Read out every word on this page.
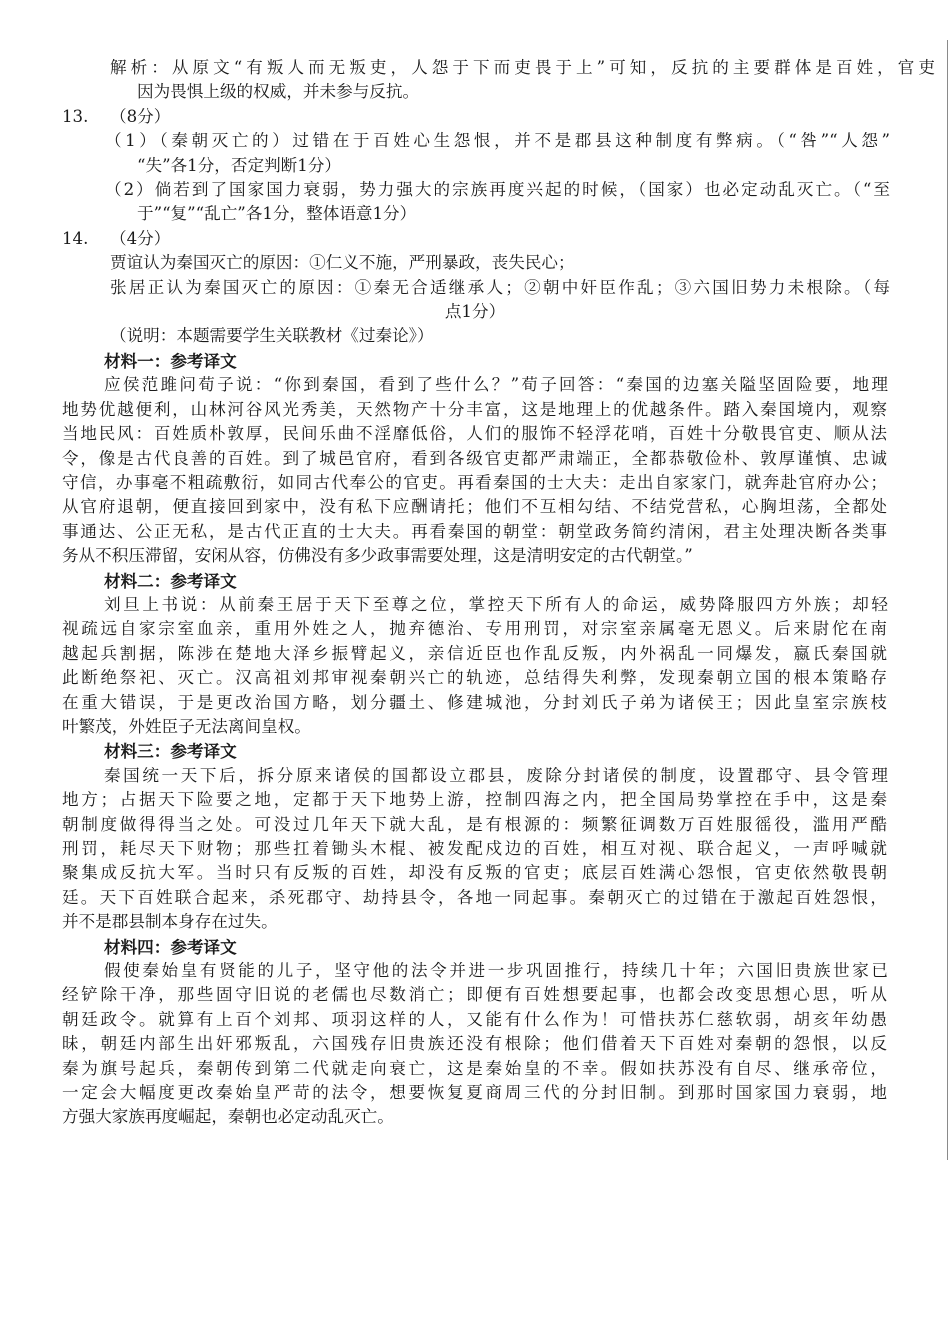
解析：从原文“有叛人而无叛吏，人怨于下而吏畏于上”可知，反抗的主要群体是百姓，官吏
因为畏惧上级的权威，并未参与反抗。
13. （8分）
（1）（秦朝灭亡的）过错在于百姓心生怨恨，并不是郡县这种制度有弊病。（“咎”“人怨”
“失”各1分，否定判断1分）
（2）倘若到了国家国力衰弱，势力强大的宗族再度兴起的时候，（国家）也必定动乱灭亡。（“至
于”“复”“乱亡”各1分，整体语意1分）
14. （4分）
贾谊认为秦国灭亡的原因：①仁义不施，严刑暴政，丧失民心；
张居正认为秦国灭亡的原因：①秦无合适继承人；②朝中奸臣作乱；③六国旧势力未根除。（每
点1分）
（说明：本题需要学生关联教材《过秦论》）
材料一：参考译文
应侯范雎问荀子说：“你到秦国，看到了些什么？”荀子回答：“秦国的边塞关隘坚固险要，地理
地势优越便利，山林河谷风光秀美，天然物产十分丰富，这是地理上的优越条件。踏入秦国境内，观察
当地民风：百姓质朴敦厚，民间乐曲不淫靡低俗，人们的服饰不轻浮花哨，百姓十分敬畏官吏、顺从法
令，像是古代良善的百姓。到了城邑官府，看到各级官吏都严肃端正，全都恭敬俭朴、敦厚谨慎、忠诚
守信，办事毫不粗疏敷衍，如同古代奉公的官吏。再看秦国的士大夫：走出自家家门，就奔赴官府办公；
从官府退朝，便直接回到家中，没有私下应酬请托；他们不互相勾结、不结党营私，心胸坦荡，全都处
事通达、公正无私，是古代正直的士大夫。再看秦国的朝堂：朝堂政务简约清闲，君主处理决断各类事
务从不积压滞留，安闲从容，仿佛没有多少政事需要处理，这是清明安定的古代朝堂。”
材料二：参考译文
刘旦上书说：从前秦王居于天下至尊之位，掌控天下所有人的命运，威势降服四方外族；却轻
视疏远自家宗室血亲，重用外姓之人，抛弃德治、专用刑罚，对宗室亲属毫无恩义。后来尉佗在南
越起兵割据，陈涉在楚地大泽乡振臂起义，亲信近臣也作乱反叛，内外祸乱一同爆发，嬴氏秦国就
此断绝祭祀、灭亡。汉高祖刘邦审视秦朝兴亡的轨迹，总结得失利弊，发现秦朝立国的根本策略存
在重大错误，于是更改治国方略，划分疆土、修建城池，分封刘氏子弟为诸侯王；因此皇室宗族枝
叶繁茂，外姓臣子无法离间皇权。
材料三：参考译文
秦国统一天下后，拆分原来诸侯的国都设立郡县，废除分封诸侯的制度，设置郡守、县令管理
地方；占据天下险要之地，定都于天下地势上游，控制四海之内，把全国局势掌控在手中，这是秦
朝制度做得得当之处。可没过几年天下就大乱，是有根源的：频繁征调数万百姓服徭役，滥用严酷
刑罚，耗尽天下财物；那些扛着锄头木棍、被发配戍边的百姓，相互对视、联合起义，一声呼喊就
聚集成反抗大军。当时只有反叛的百姓，却没有反叛的官吏；底层百姓满心怨恨，官吏依然敬畏朝
廷。天下百姓联合起来，杀死郡守、劫持县令，各地一同起事。秦朝灭亡的过错在于激起百姓怨恨，
并不是郡县制本身存在过失。
材料四：参考译文
假使秦始皇有贤能的儿子，坚守他的法令并进一步巩固推行，持续几十年；六国旧贵族世家已
经铲除干净，那些固守旧说的老儒也尽数消亡；即便有百姓想要起事，也都会改变思想心思，听从
朝廷政令。就算有上百个刘邦、项羽这样的人，又能有什么作为！可惜扶苏仁慈软弱，胡亥年幼愚
昧，朝廷内部生出奸邪叛乱，六国残存旧贵族还没有根除；他们借着天下百姓对秦朝的怨恨，以反
秦为旗号起兵，秦朝传到第二代就走向衰亡，这是秦始皇的不幸。假如扶苏没有自尽、继承帝位，
一定会大幅度更改秦始皇严苛的法令，想要恢复夏商周三代的分封旧制。到那时国家国力衰弱，地
方强大家族再度崛起，秦朝也必定动乱灭亡。
